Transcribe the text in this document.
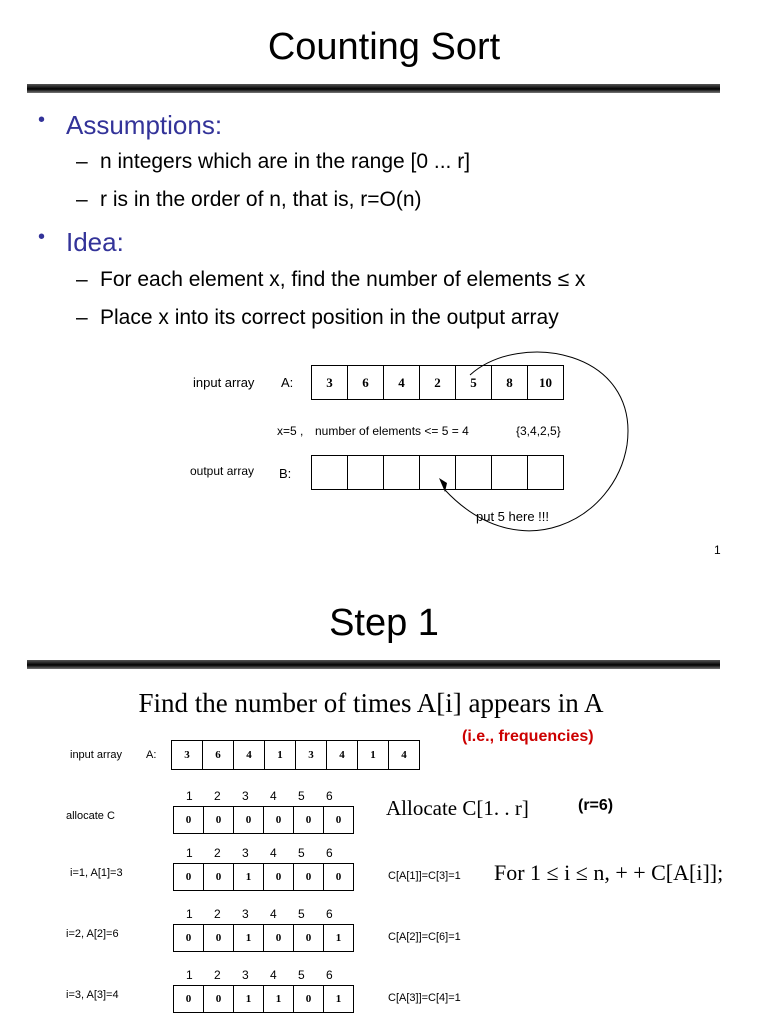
Counting Sort
• Assumptions:
– n integers which are in the range [0 ... r]
– r is in the order of n, that is, r=O(n)
• Idea:
– For each element x, find the number of elements ≤ x
– Place x into its correct position in the output array
input array A:	3	6	4	2	5	8	10
x=5 , number of elements <= 5 = 4	{3,4,2,5}
output array B:
put 5 here !!!
1
Step 1
Find the number of times A[i] appears in A
(i.e., frequencies)
input array A:	3	6	4	1	3	4	1	4
1 2 3 4 5 6
allocate C	0	0	0	0	0	0
1 2 3 4 5 6
i=1, A[1]=3	0	0	1	0	0	0	C[A[1]]=C[3]=1
1 2 3 4 5 6
i=2, A[2]=6	0	0	1	0	0	1	C[A[2]]=C[6]=1
1 2 3 4 5 6
i=3, A[3]=4	0	0	1	1	0	1	C[A[3]]=C[4]=1
Allocate C[1. . r]	(r=6)
For 1 ≤ i ≤ n, + + C[A[i]];
